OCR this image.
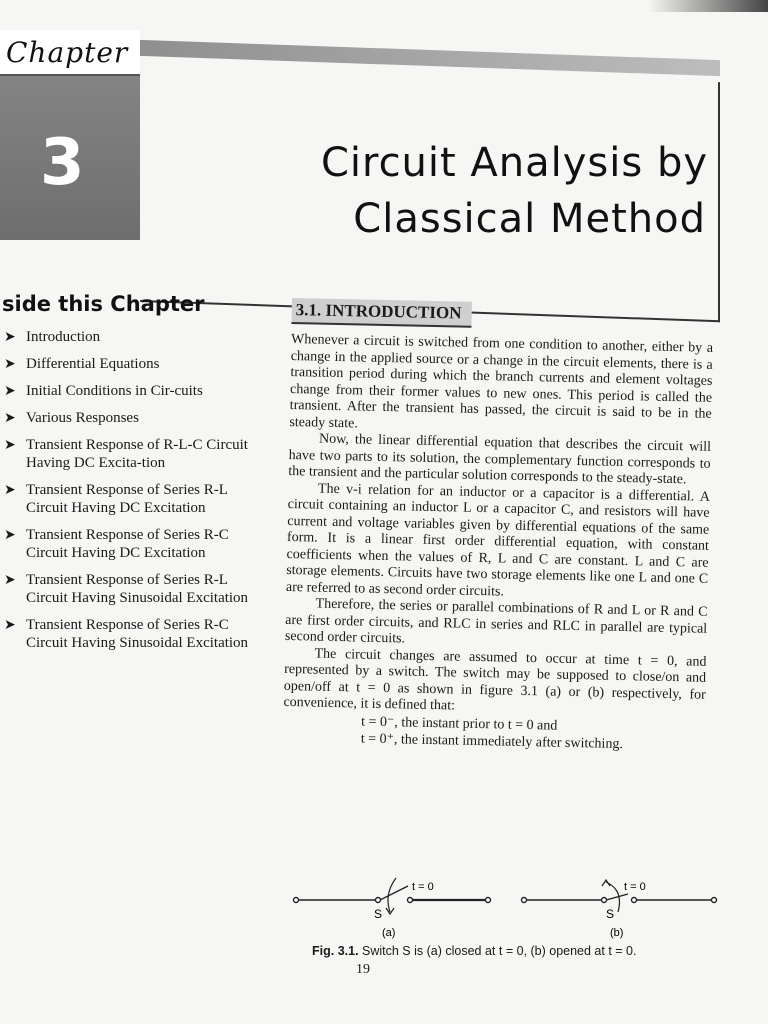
Chapter
3	Circuit Analysis by
Classical Method
side this Chapter
➤ Introduction
➤ Differential Equations
➤ Initial Conditions in Cir-cuits
➤ Various Responses
➤ Transient Response of R-L-C Circuit Having DC Excita-tion
➤ Transient Response of Series R-L Circuit Having DC Excitation
➤ Transient Response of Series R-C Circuit Having DC Excitation
➤ Transient Response of Series R-L Circuit Having Sinusoidal Excitation
➤ Transient Response of Series R-C Circuit Having Sinusoidal Excitation
3.1. INTRODUCTION

Whenever a circuit is switched from one condition to another, either by a change in the applied source or a change in the circuit elements, there is a transition period during which the branch currents and element voltages change from their former values to new ones. This period is called the transient. After the transient has passed, the circuit is said to be in the steady state.

Now, the linear differential equation that describes the circuit will have two parts to its solution, the complementary function corresponds to the transient and the particular solution corresponds to the steady-state.

The v-i relation for an inductor or a capacitor is a differential. A circuit containing an inductor L or a capacitor C, and resistors will have current and voltage variables given by differential equations of the same form. It is a linear first order differential equation, with constant coefficients when the values of R, L and C are constant. L and C are storage elements. Circuits have two storage elements like one L and one C are referred to as second order circuits.

Therefore, the series or parallel combinations of R and L or R and C are first order circuits, and RLC in series and RLC in parallel are typical second order circuits.

The circuit changes are assumed to occur at time t = 0, and represented by a switch. The switch may be supposed to close/on and open/off at t = 0 as shown in figure 3.1 (a) or (b) respectively, for convenience, it is defined that:

t = 0⁻, the instant prior to t = 0 and
t = 0⁺, the instant immediately after switching.
t = 0
S
(a)
t = 0
S
(b)
Fig. 3.1. Switch S is (a) closed at t = 0, (b) opened at t = 0.
19
